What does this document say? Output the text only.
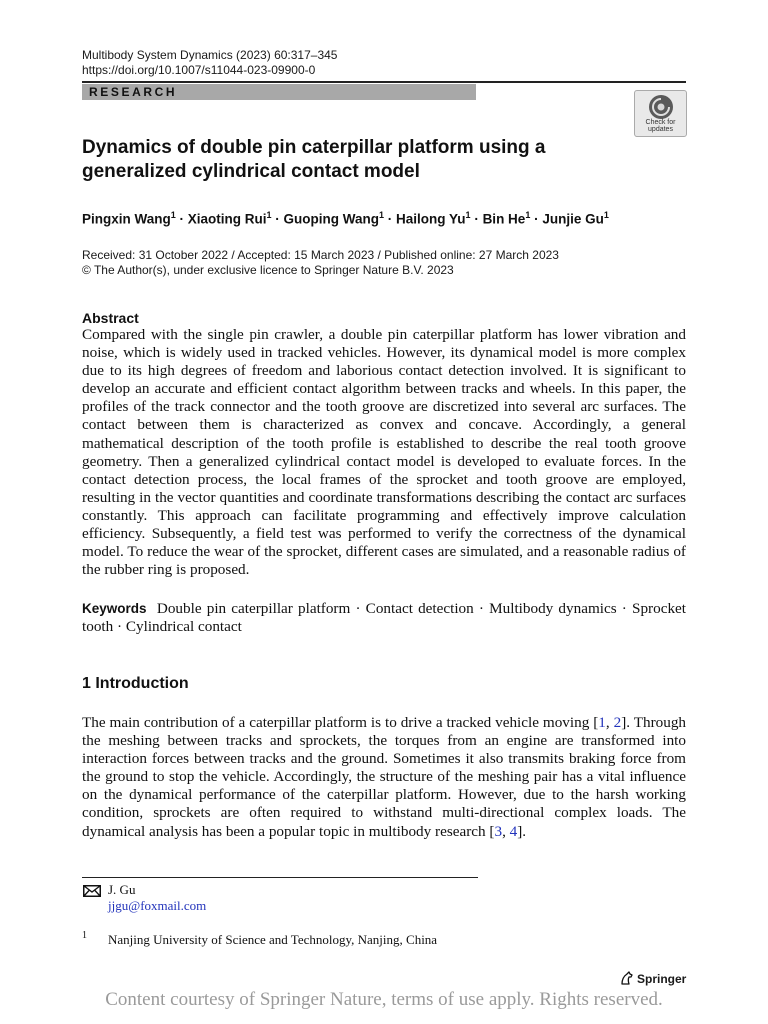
Multibody System Dynamics (2023) 60:317–345
https://doi.org/10.1007/s11044-023-09900-0
RESEARCH
Check for updates
Dynamics of double pin caterpillar platform using a generalized cylindrical contact model
Pingxin Wang$^1$ · Xiaoting Rui$^1$ · Guoping Wang$^1$ · Hailong $Yu^1$ · Bin $He^1$ · Junjie Gu$^1$
Received: 31 October 2022 / Accepted: 15 March 2023 / Published online: 27 March 2023
© The Author(s), under exclusive licence to Springer Nature B.V. 2023
Abstract
Compared with the single pin crawler, a double pin caterpillar platform has lower vibration and noise, which is widely used in tracked vehicles. However, its dynamical model is more complex due to its high degrees of freedom and laborious contact detection involved. It is significant to develop an accurate and efficient contact algorithm between tracks and wheels. In this paper, the profiles of the track connector and the tooth groove are discretized into several arc surfaces. The contact between them is characterized as convex and concave. Accordingly, a general mathematical description of the tooth profile is established to describe the real tooth groove geometry. Then a generalized cylindrical contact model is developed to evaluate forces. In the contact detection process, the local frames of the sprocket and tooth groove are employed, resulting in the vector quantities and coordinate transformations describing the contact arc surfaces constantly. This approach can facilitate programming and effectively improve calculation efficiency. Subsequently, a field test was performed to verify the correctness of the dynamical model. To reduce the wear of the sprocket, different cases are simulated, and a reasonable radius of the rubber ring is proposed.
Keywords Double pin caterpillar platform · Contact detection · Multibody dynamics · Sprocket tooth · Cylindrical contact
1 Introduction
The main contribution of a caterpillar platform is to drive a tracked vehicle moving [1, 2]. Through the meshing between tracks and sprockets, the torques from an engine are transformed into interaction forces between tracks and the ground. Sometimes it also transmits braking force from the ground to stop the vehicle. Accordingly, the structure of the meshing pair has a vital influence on the dynamical performance of the caterpillar platform. However, due to the harsh working condition, sprockets are often required to withstand multi-directional complex loads. The dynamical analysis has been a popular topic in multibody research [3, 4].
J. Gu
jjgu@foxmail.com
1 Nanjing University of Science and Technology, Nanjing, China
Springer
Content courtesy of Springer Nature, terms of use apply. Rights reserved.
